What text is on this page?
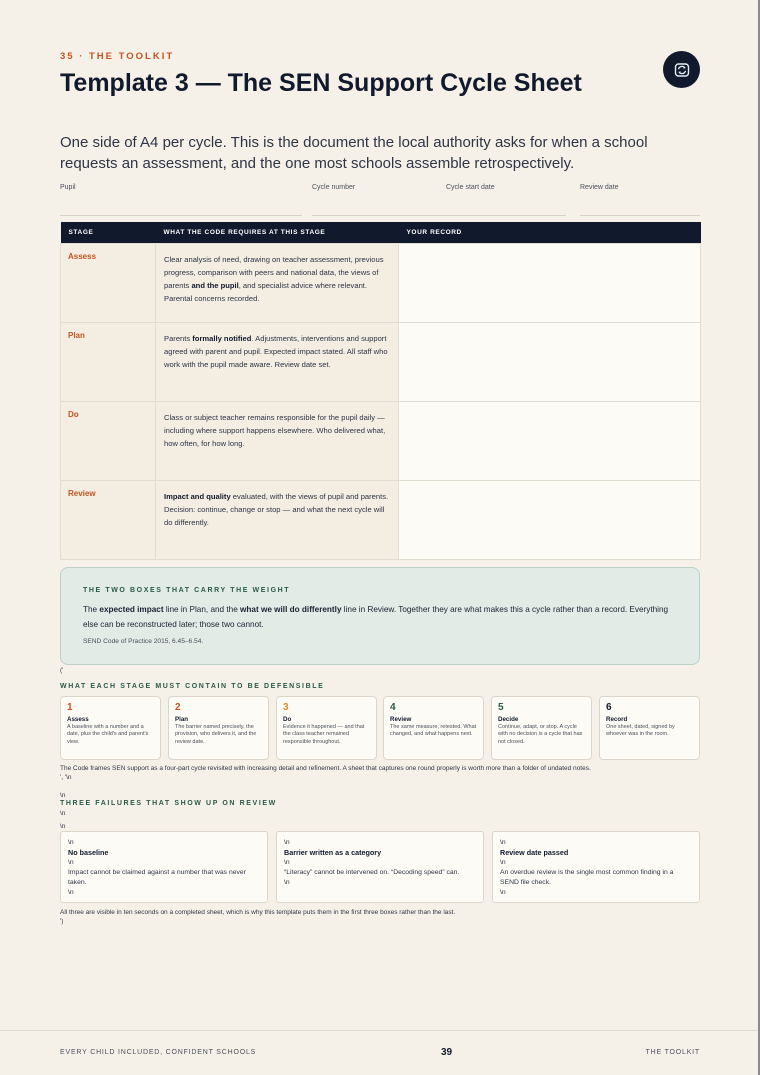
35 · THE TOOLKIT
Template 3 — The SEN Support Cycle Sheet

One side of A4 per cycle. This is the document the local authority asks for when a school requests an assessment, and the one most schools assemble retrospectively.

Pupil	Cycle number	Cycle start date	Review date
STAGE	WHAT THE CODE REQUIRES AT THIS STAGE	YOUR RECORD
Assess	Clear analysis of need, drawing on teacher assessment, previous progress, comparison with peers and national data, the views of parents and the pupil, and specialist advice where relevant. Parental concerns recorded.	
Plan	Parents formally notified. Adjustments, interventions and support agreed with parent and pupil. Expected impact stated. All staff who work with the pupil made aware. Review date set.	
Do	Class or subject teacher remains responsible for the pupil daily — including where support happens elsewhere. Who delivered what, how often, for how long.	
Review	Impact and quality evaluated, with the views of pupil and parents. Decision: continue, change or stop — and what the next cycle will do differently.	
THE TWO BOXES THAT CARRY THE WEIGHT
The expected impact line in Plan, and the what we will do differently line in Review. Together they are what makes this a cycle rather than a record. Everything else can be reconstructed later; those two cannot.
SEND Code of Practice 2015, 6.45–6.54.
('
WHAT EACH STAGE MUST CONTAIN TO BE DEFENSIBLE
1
Assess
A baseline with a number and a date, plus the child's and parent's view.
2
Plan
The barrier named precisely, the provision, who delivers it, and the review date.
3
Do
Evidence it happened — and that the class teacher remained responsible throughout.
4
Review
The same measure, retested. What changed, and what happens next.
5
Decide
Continue, adapt, or stop. A cycle with no decision is a cycle that has not closed.
6
Record
One sheet, dated, signed by whoever was in the room.
The Code frames SEN support as a four-part cycle revisited with increasing detail and refinement. A sheet that captures one round properly is worth more than a folder of undated notes.
', '\n
\n
THREE FAILURES THAT SHOW UP ON REVIEW
\n
\n
\n
No baseline
\n
Impact cannot be claimed against a number that was never taken.
\n
\n
Barrier written as a category
\n
“Literacy” cannot be intervened on. “Decoding speed” can.
\n
\n
Review date passed
\n
An overdue review is the single most common finding in a SEND file check.
\n
All three are visible in ten seconds on a completed sheet, which is why this template puts them in the first three boxes rather than the last.
')
EVERY CHILD INCLUDED, CONFIDENT SCHOOLS	39	THE TOOLKIT
